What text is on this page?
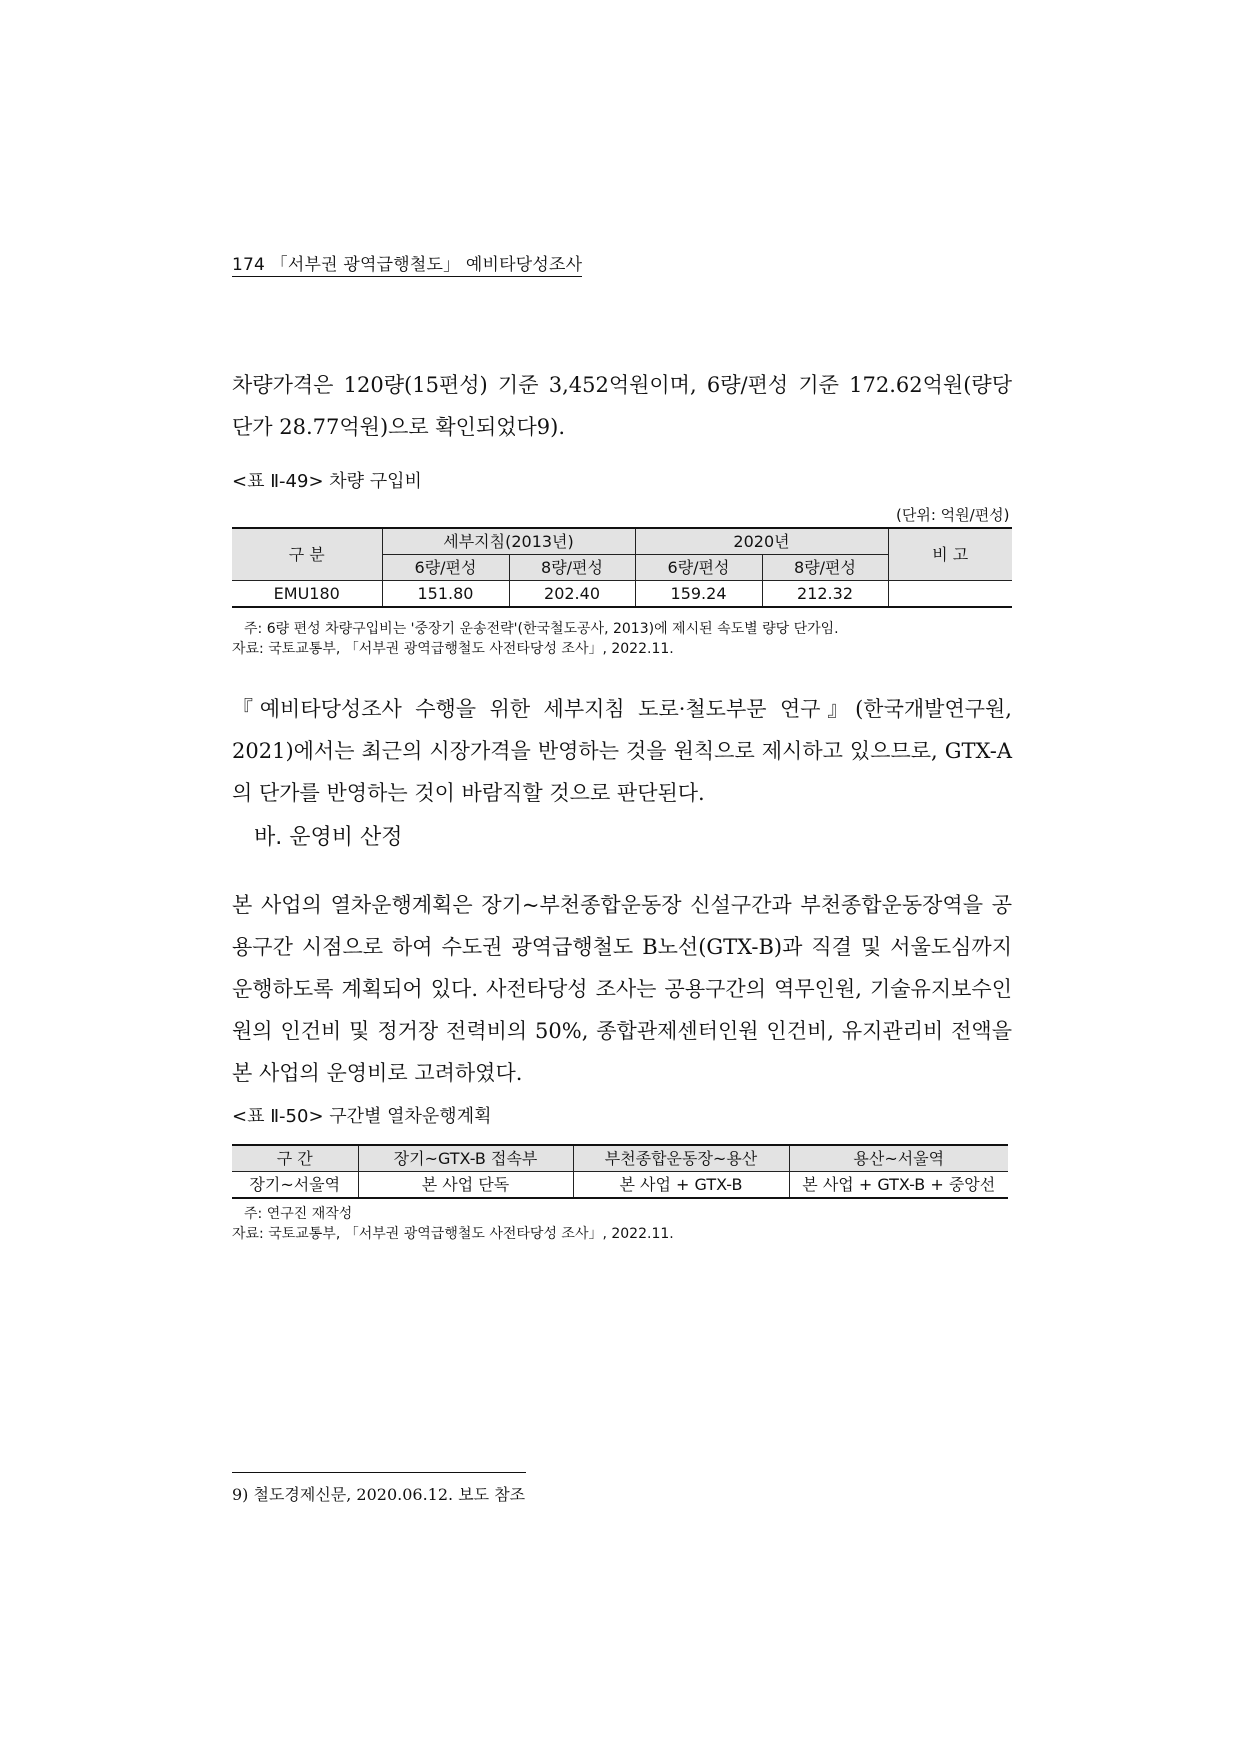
174 「서부권 광역급행철도」 예비타당성조사

차량가격은 120량(15편성) 기준 3,452억원이며, 6량/편성 기준 172.62억원(량당 단가 28.77억원)으로 확인되었다9).

<표 Ⅱ-49> 차량 구입비
(단위: 억원/편성)
구 분	세부지침(2013년)		2020년		비 고
	6량/편성	8량/편성	6량/편성	8량/편성	
EMU180	151.80	202.40	159.24	212.32	
주: 6량 편성 차량구입비는 '중장기 운송전략'(한국철도공사, 2013)에 제시된 속도별 량당 단가임.
자료: 국토교통부, 「서부권 광역급행철도 사전타당성 조사」, 2022.11.

『예비타당성조사 수행을 위한 세부지침 도로·철도부문 연구』(한국개발연구원, 2021)에서는 최근의 시장가격을 반영하는 것을 원칙으로 제시하고 있으므로, GTX-A의 단가를 반영하는 것이 바람직할 것으로 판단된다.

바. 운영비 산정

본 사업의 열차운행계획은 장기~부천종합운동장 신설구간과 부천종합운동장역을 공용구간 시점으로 하여 수도권 광역급행철도 B노선(GTX-B)과 직결 및 서울도심까지 운행하도록 계획되어 있다. 사전타당성 조사는 공용구간의 역무인원, 기술유지보수인원의 인건비 및 정거장 전력비의 50%, 종합관제센터인원 인건비, 유지관리비 전액을 본 사업의 운영비로 고려하였다.

<표 Ⅱ-50> 구간별 열차운행계획
구 간	장기~GTX-B 접속부	부천종합운동장~용산	용산~서울역
장기~서울역	본 사업 단독	본 사업 + GTX-B	본 사업 + GTX-B + 중앙선
주: 연구진 재작성
자료: 국토교통부, 「서부권 광역급행철도 사전타당성 조사」, 2022.11.
9) 철도경제신문, 2020.06.12. 보도 참조
